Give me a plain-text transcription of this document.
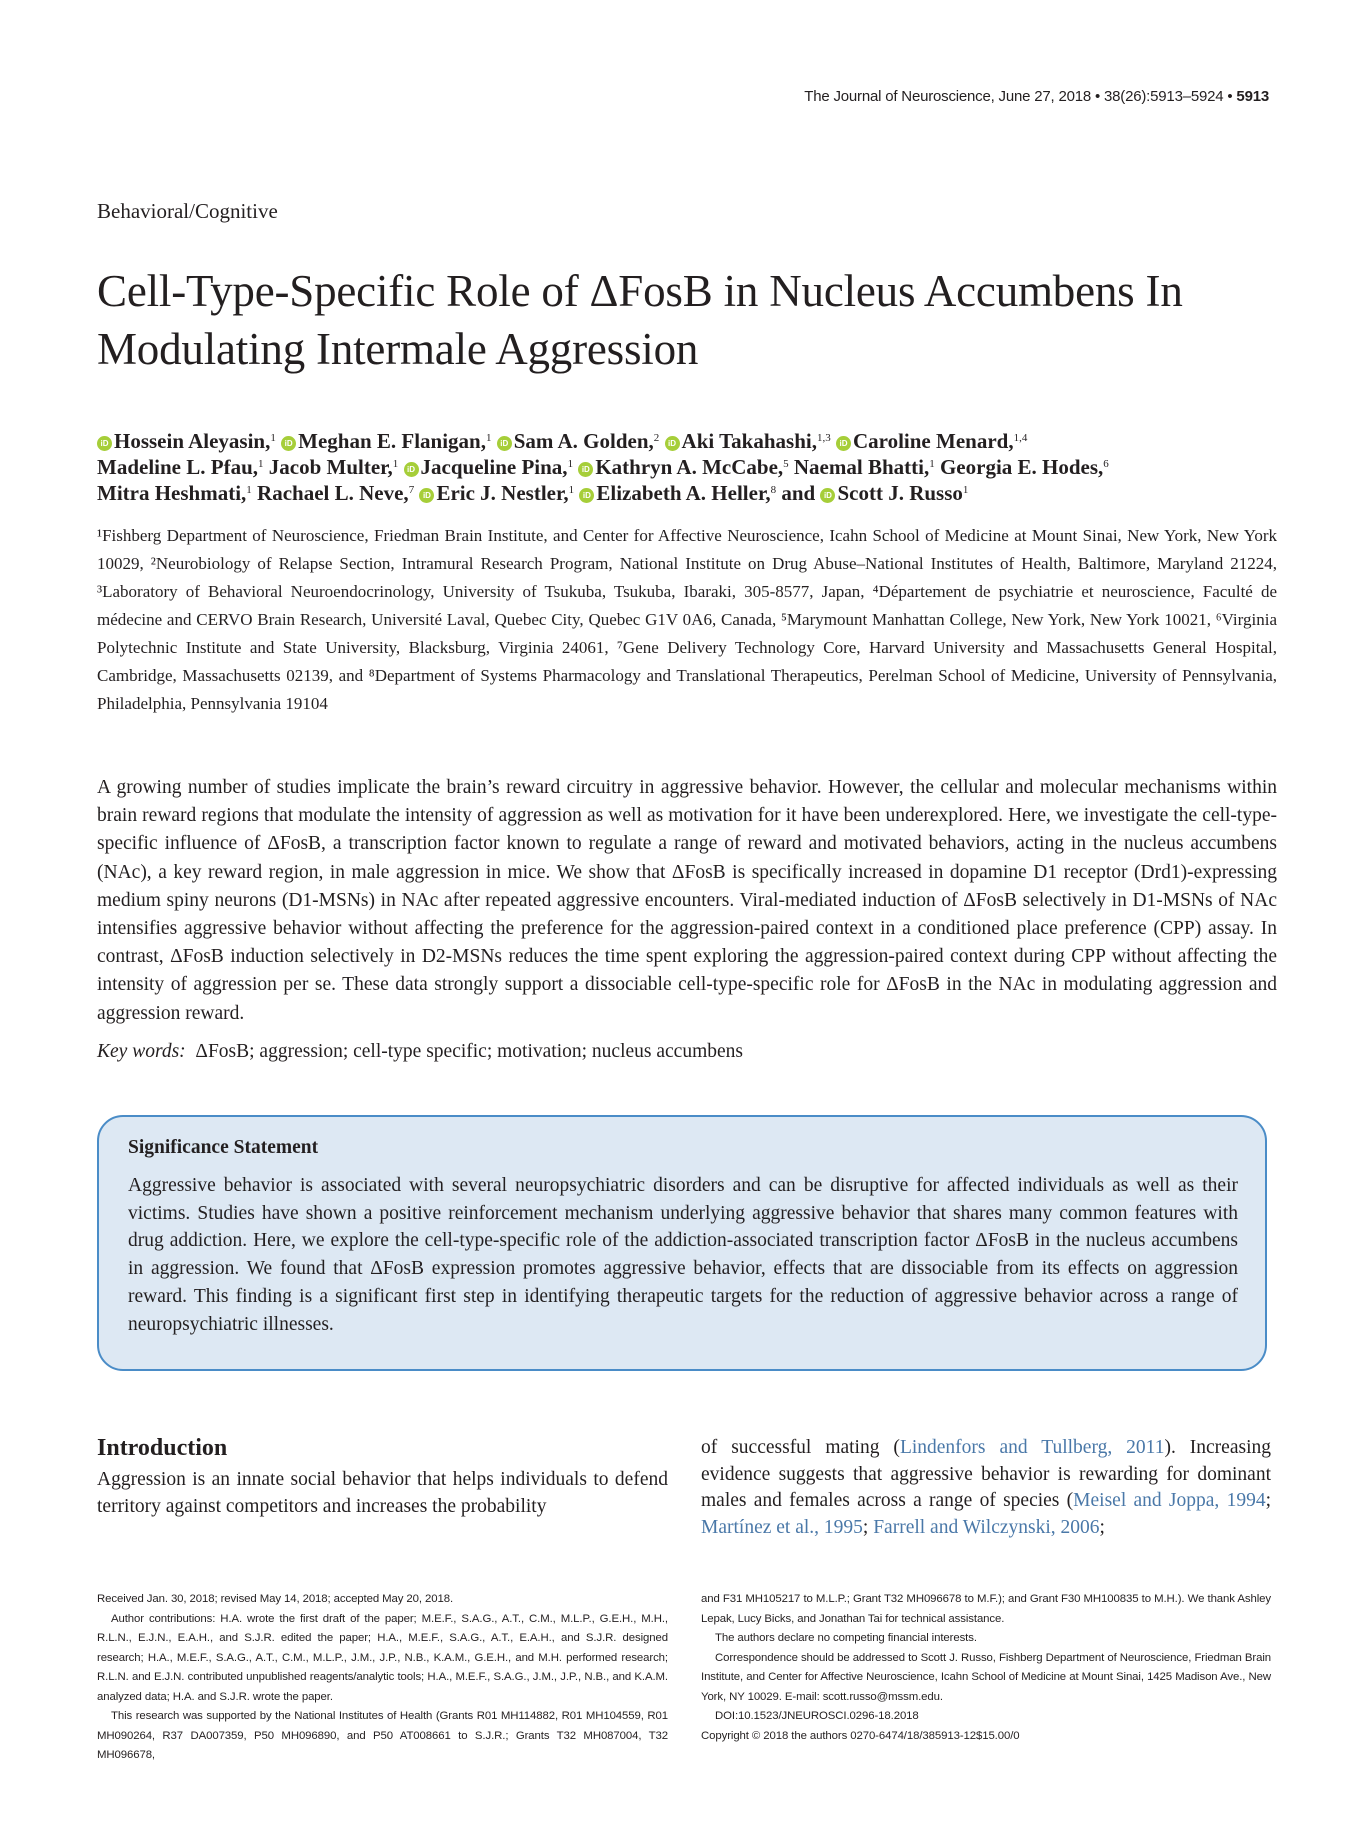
The Journal of Neuroscience, June 27, 2018 • 38(26):5913–5924 • 5913
Behavioral/Cognitive
Cell-Type-Specific Role of ΔFosB in Nucleus Accumbens In Modulating Intermale Aggression
iD Hossein Aleyasin,$^1$ iD Meghan E. Flanigan,$^1$ iD Sam A. Golden,$^2$ iD Aki Takahashi,$^{1,3}$ iD Caroline Menard,$^{1,4}$
Madeline L. Pfau,$^1$ Jacob Multer,$^1$ iD Jacqueline Pina,$^1$ iD Kathryn A. McCabe,$^5$ Naemal Bhatti,$^1$ Georgia E. Hodes,$^6$
Mitra Heshmati,$^1$ Rachael L. Neve,$^7$ iD Eric J. Nestler,$^1$ iD Elizabeth A. Heller,$^8$ and iD Scott J. Russo$^1$
¹Fishberg Department of Neuroscience, Friedman Brain Institute, and Center for Affective Neuroscience, Icahn School of Medicine at Mount Sinai, New York, New York 10029, ²Neurobiology of Relapse Section, Intramural Research Program, National Institute on Drug Abuse–National Institutes of Health, Baltimore, Maryland 21224, ³Laboratory of Behavioral Neuroendocrinology, University of Tsukuba, Tsukuba, Ibaraki, 305-8577, Japan, ⁴Département de psychiatrie et neuroscience, Faculté de médecine and CERVO Brain Research, Université Laval, Quebec City, Quebec G1V 0A6, Canada, ⁵Marymount Manhattan College, New York, New York 10021, ⁶Virginia Polytechnic Institute and State University, Blacksburg, Virginia 24061, ⁷Gene Delivery Technology Core, Harvard University and Massachusetts General Hospital, Cambridge, Massachusetts 02139, and ⁸Department of Systems Pharmacology and Translational Therapeutics, Perelman School of Medicine, University of Pennsylvania, Philadelphia, Pennsylvania 19104
A growing number of studies implicate the brain’s reward circuitry in aggressive behavior. However, the cellular and molecular mechanisms within brain reward regions that modulate the intensity of aggression as well as motivation for it have been underexplored. Here, we investigate the cell-type-specific influence of ΔFosB, a transcription factor known to regulate a range of reward and motivated behaviors, acting in the nucleus accumbens (NAc), a key reward region, in male aggression in mice. We show that ΔFosB is specifically increased in dopamine D1 receptor (Drd1)-expressing medium spiny neurons (D1-MSNs) in NAc after repeated aggressive encounters. Viral-mediated induction of ΔFosB selectively in D1-MSNs of NAc intensifies aggressive behavior without affecting the preference for the aggression-paired context in a conditioned place preference (CPP) assay. In contrast, ΔFosB induction selectively in D2-MSNs reduces the time spent exploring the aggression-paired context during CPP without affecting the intensity of aggression per se. These data strongly support a dissociable cell-type-specific role for ΔFosB in the NAc in modulating aggression and aggression reward.
Key words: ΔFosB; aggression; cell-type specific; motivation; nucleus accumbens
Significance Statement
Aggressive behavior is associated with several neuropsychiatric disorders and can be disruptive for affected individuals as well as their victims. Studies have shown a positive reinforcement mechanism underlying aggressive behavior that shares many common features with drug addiction. Here, we explore the cell-type-specific role of the addiction-associated transcription factor ΔFosB in the nucleus accumbens in aggression. We found that ΔFosB expression promotes aggressive behavior, effects that are dissociable from its effects on aggression reward. This finding is a significant first step in identifying therapeutic targets for the reduction of aggressive behavior across a range of neuropsychiatric illnesses.
Introduction
Aggression is an innate social behavior that helps individuals to defend territory against competitors and increases the probability
of successful mating (Lindenfors and Tullberg, 2011). Increasing evidence suggests that aggressive behavior is rewarding for dominant males and females across a range of species (Meisel and Joppa, 1994; Martínez et al., 1995; Farrell and Wilczynski, 2006;

Received Jan. 30, 2018; revised May 14, 2018; accepted May 20, 2018.

Author contributions: H.A. wrote the first draft of the paper; M.E.F., S.A.G., A.T., C.M., M.L.P., G.E.H., M.H., R.L.N., E.J.N., E.A.H., and S.J.R. edited the paper; H.A., M.E.F., S.A.G., A.T., E.A.H., and S.J.R. designed research; H.A., M.E.F., S.A.G., A.T., C.M., M.L.P., J.M., J.P., N.B., K.A.M., G.E.H., and M.H. performed research; R.L.N. and E.J.N. contributed unpublished reagents/analytic tools; H.A., M.E.F., S.A.G., J.M., J.P., N.B., and K.A.M. analyzed data; H.A. and S.J.R. wrote the paper.

This research was supported by the National Institutes of Health (Grants R01 MH114882, R01 MH104559, R01 MH090264, R37 DA007359, P50 MH096890, and P50 AT008661 to S.J.R.; Grants T32 MH087004, T32 MH096678,

and F31 MH105217 to M.L.P.; Grant T32 MH096678 to M.F.); and Grant F30 MH100835 to M.H.). We thank Ashley Lepak, Lucy Bicks, and Jonathan Tai for technical assistance.

The authors declare no competing financial interests.

Correspondence should be addressed to Scott J. Russo, Fishberg Department of Neuroscience, Friedman Brain Institute, and Center for Affective Neuroscience, Icahn School of Medicine at Mount Sinai, 1425 Madison Ave., New York, NY 10029. E-mail: scott.russo@mssm.edu.

DOI:10.1523/JNEUROSCI.0296-18.2018

Copyright © 2018 the authors 0270-6474/18/385913-12$15.00/0
